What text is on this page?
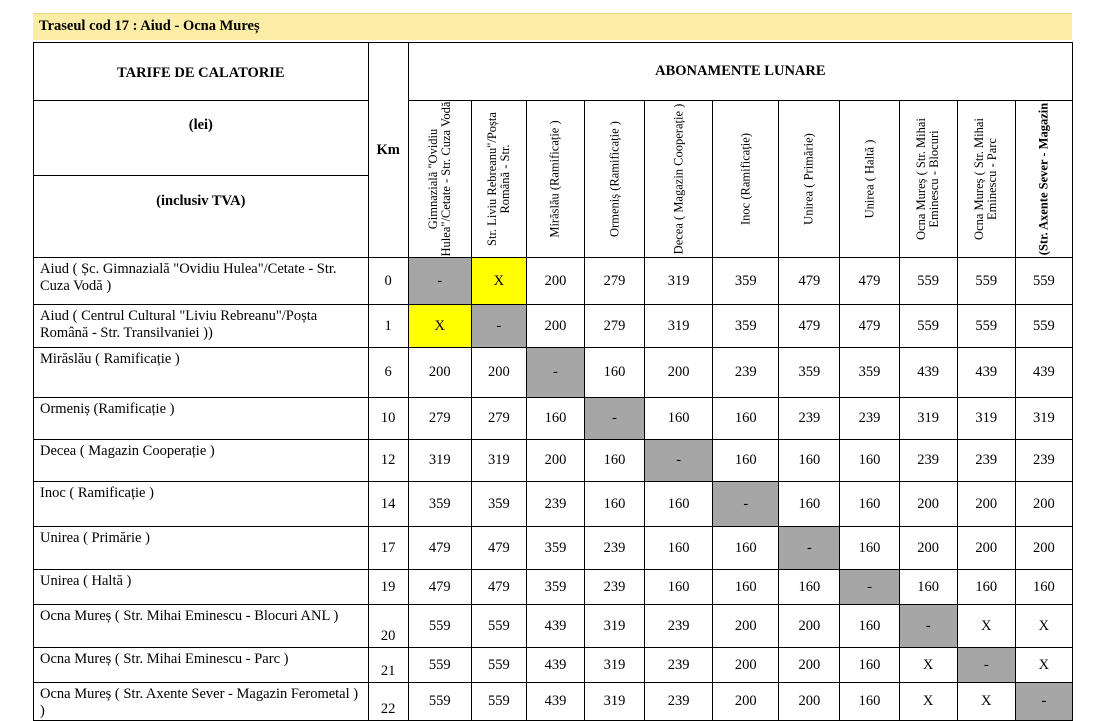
Traseul cod 17 : Aiud - Ocna Mureș
TARIFE DE CALATORIE	Km	ABONAMENTE LUNARE										
(lei)		Gimnazială "Ovidiu Hulea"/Cetate - Str. Cuza Vodă	Str. Liviu Rebreanu"/Poșta Română - Str.	Mirăslău (Ramificație )	Ormeniș (Ramificație )	Decea ( Magazin Cooperație )	Inoc (Ramificație)	Unirea ( Primărie)	Unirea ( Haltă )	Ocna Mureș ( Str. Mihai Eminescu - Blocuri	Ocna Mureș ( Str. Mihai Eminescu - Parc	(Str. Axente Sever - Magazin

(inclusiv TVA)												
Aiud ( Șc. Gimnazială "Ovidiu Hulea"/Cetate - Str. Cuza Vodă )	0	-	X	200	279	319	359	479	479	559	559	559
Aiud ( Centrul Cultural "Liviu Rebreanu"/Poșta Română - Str. Transilvaniei ))	1	X	-	200	279	319	359	479	479	559	559	559
Mirăslău ( Ramificație )	6	200	200	-	160	200	239	359	359	439	439	439
Ormeniș (Ramificație )	10	279	279	160	-	160	160	239	239	319	319	319
Decea ( Magazin Cooperație )	12	319	319	200	160	-	160	160	160	239	239	239
Inoc ( Ramificație )	14	359	359	239	160	160	-	160	160	200	200	200
Unirea ( Primărie )	17	479	479	359	239	160	160	-	160	200	200	200
Unirea ( Haltă )	19	479	479	359	239	160	160	160	-	160	160	160
Ocna Mureș ( Str. Mihai Eminescu - Blocuri ANL )	20	559	559	439	319	239	200	200	160	-	X	X
Ocna Mureș ( Str. Mihai Eminescu - Parc )	21	559	559	439	319	239	200	200	160	X	-	X
Ocna Mureș ( Str. Axente Sever - Magazin Ferometal ) )	22	559	559	439	319	239	200	200	160	X	X	-
